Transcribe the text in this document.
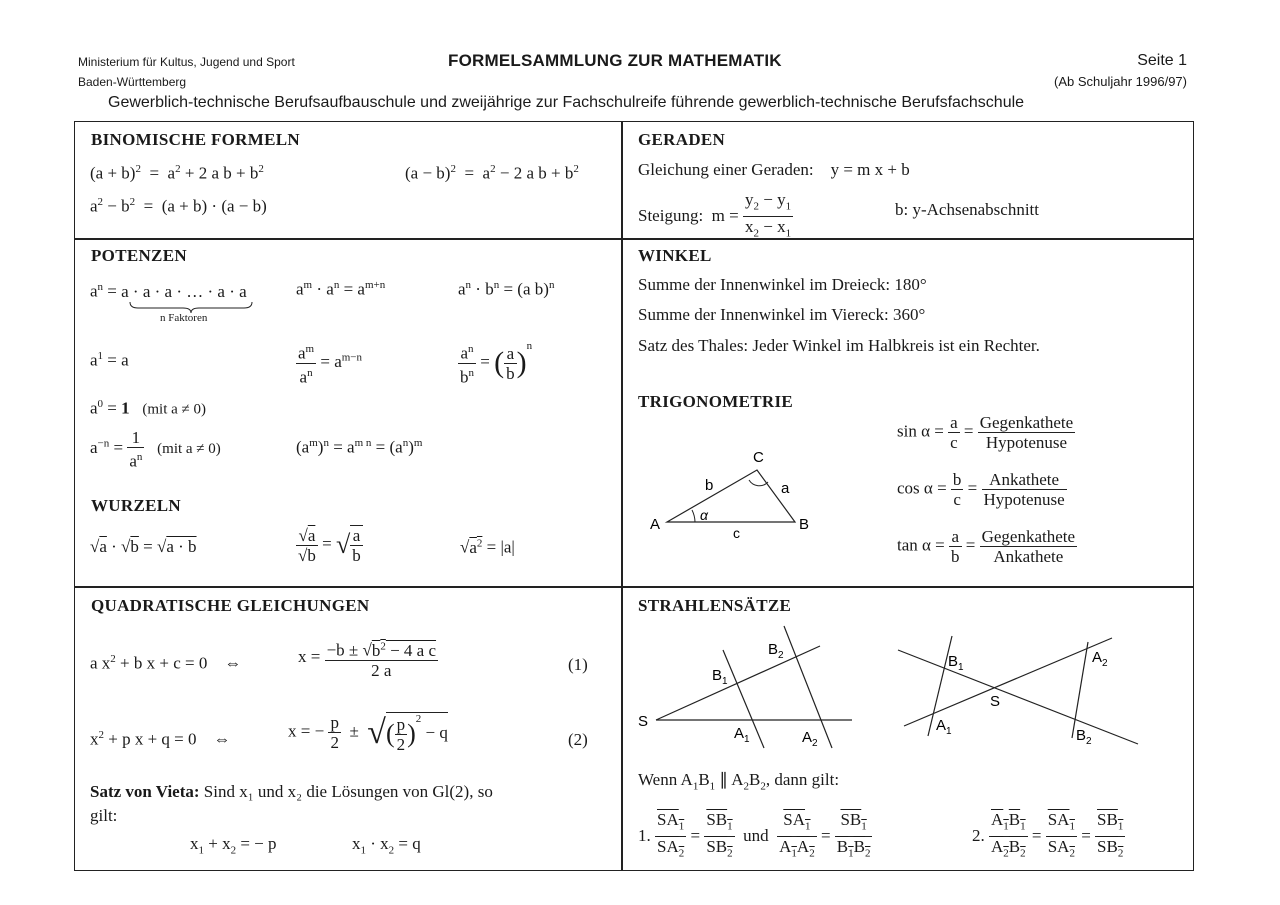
Ministerium für Kultus, Jugend und Sport
Baden-Württemberg
FORMELSAMMLUNG ZUR MATHEMATIK	Seite 1
(Ab Schuljahr 1996/97)
Gewerblich-technische Berufsaufbauschule und zweijährige zur Fachschulreife führende gewerblich-technische Berufsfachschule
BINOMISCHE FORMELN
$(a + b)^2 = a^2 + 2$ a $b + b^2$	$(a - b)^2 = a^2 - 2$ a $b + b^2$
$a^2 - b^2 = (a + b) \cdot (a - b)$
GERADEN
Gleichung einer Geraden:    y = m x + b
Steigung:  $m = \frac{y_2 - y_1}{x_2 - x_1}$	b: y-Achsenabschnitt
POTENZEN
$a^n = a \cdot a \cdot a$ · … · a · a
n Faktoren
$a^m \cdot a^n = a^{m+n}$	$a^n \cdot b^n = (a$ b)$^n$
$a^1 = a$	$\frac{a^m}{a^n} = a^{m-n}$	$\frac{a^n}{b^n}$ = ( $\frac{a}{b} )^n$
$a^0 = 1$ (mit a ≠ 0)
$a^{-n} = \frac{1}{a^n} (mit$ a ≠ 0)	$(a^m)^n = a^{m n} = (a^n)^m$
WURZELN
√a · √b = √a · b	$\frac{√a}{√b}$ = √ $\frac{a}{b}$	$√a^2 = |a|$
WINKEL
Summe der Innenwinkel im Dreieck: 180°
Summe der Innenwinkel im Viereck: 360°
Satz des Thales: Jeder Winkel im Halbkreis ist ein Rechter.
TRIGONOMETRIE
A	B
C
a
b
c
α
$\sin \alpha = \frac{a}{c} = \frac{\text{Gegenkathete}}{\text{Hypotenuse}}$
$\cos \alpha = \frac{b}{c} = \frac{\text{Ankathete}}{\text{Hypotenuse}}$
$\tan \alpha = \frac{a}{b} = \frac{\text{Gegenkathete}}{\text{Ankathete}}$
QUADRATISCHE GLEICHUNGEN
a $x^2 + b$ x + c = 0    ⇔	$x = \frac{-b \pm √b^2 - 4 a c}{2 a}$	(1)
$x^2 + p$ x + q = 0    ⇔	x = − $\frac{p}{2}$ ±  √( $\frac{p}{2} )^2 - q$	(2)
Satz von Vieta: Sind x₁ und x₂ die Lösungen von Gl(2), so
gilt:
$x_1 + x_2$ = − p	$x_1 \cdot x_2 = q$
STRAHLENSÄTZE
S
$B_1$
$B_2$
$A_1$	$A_2$
S
$B_1$
$A_2$
$A_1$	$B_2$
Wenn $A_1B_1$ ∥ $A_2B_2$, dann gilt:
1. $\frac{SA_1}{SA_2} = \frac{SB_1}{SB_2}$ und $\frac{SA_1}{A_1A_2} = \frac{SB_1}{B_1B_2}$	2. $\frac{A_1B_1}{A_2B_2} = \frac{SA_1}{SA_2} = \frac{SB_1}{SB_2}$
